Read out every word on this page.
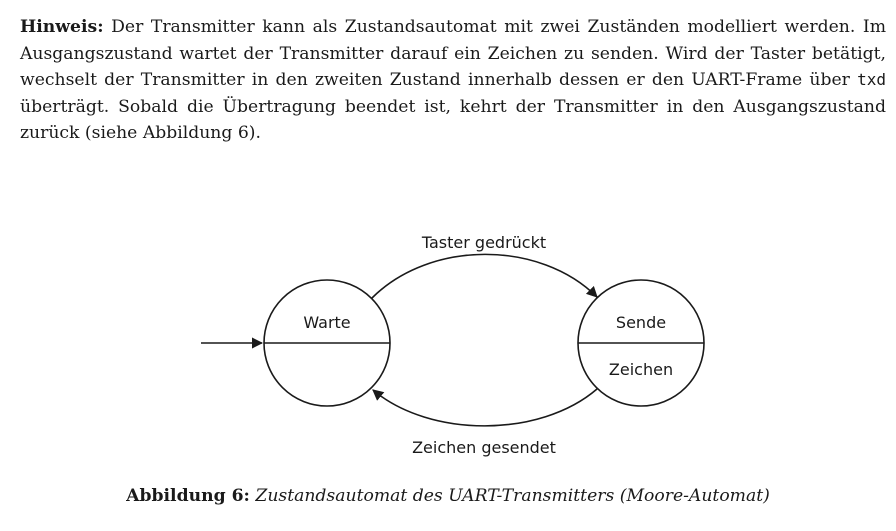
Hinweis: Der Transmitter kann als Zustandsautomat mit zwei Zuständen modelliert werden. Im Ausgangszustand wartet der Transmitter darauf ein Zeichen zu senden. Wird der Taster betätigt, wechselt der Transmitter in den zweiten Zustand innerhalb dessen er den UART-Frame über txd überträgt. Sobald die Übertragung beendet ist, kehrt der Transmitter in den Ausgangszustand zurück (siehe Abbildung 6).

Warte	Sende
Zeichen
Taster gedrückt
Zeichen gesendet
Abbildung 6: Zustandsautomat des UART-Transmitters (Moore-Automat)
